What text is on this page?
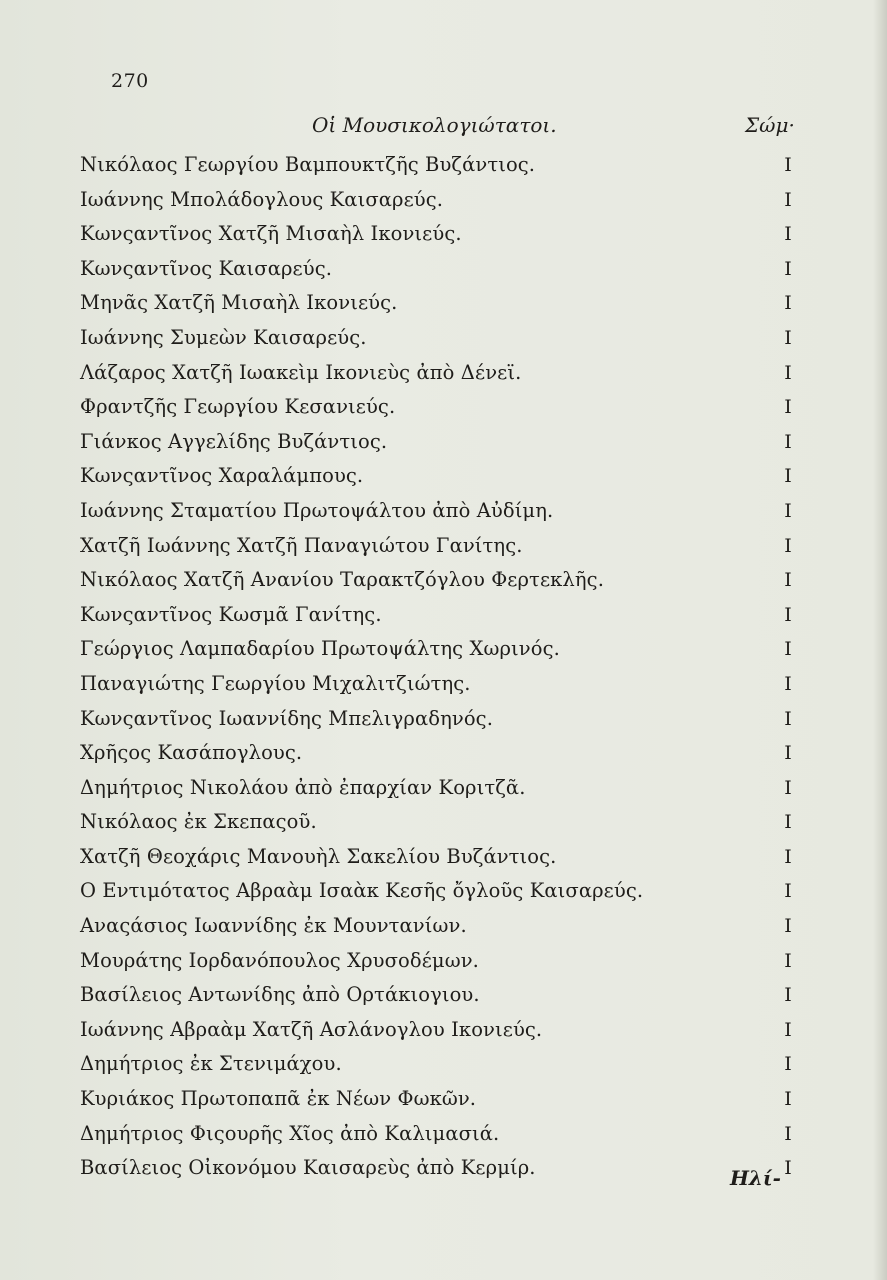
270
Οἱ Μουσικολογιώτατοι.	Σώμ·
Νικόλαος Γεωργίου Βαμπουκτζῆς Βυζάντιος.	I
Ιωάννης Μπολάδογλους Καισαρεύς.	I
Κωνςαντῖνος Χατζῆ Μισαὴλ Ικονιεύς.	I
Κωνςαντῖνος Καισαρεύς.	I
Μηνᾶς Χατζῆ Μισαὴλ Ικονιεύς.	I
Ιωάννης Συμεὼν Καισαρεύς.	I
Λάζαρος Χατζῆ Ιωακεὶμ Ικονιεὺς ἀπὸ Δένεϊ.	I
Φραντζῆς Γεωργίου Κεσανιεύς.	I
Γιάνκος Αγγελίδης Βυζάντιος.	I
Κωνςαντῖνος Χαραλάμπους.	I
Ιωάννης Σταματίου Πρωτοψάλτου ἀπὸ Αὐδίμη.	I
Χατζῆ Ιωάννης Χατζῆ Παναγιώτου Γανίτης.	I
Νικόλαος Χατζῆ Ανανίου Ταρακτζόγλου Φερτεκλῆς.	I
Κωνςαντῖνος Κωσμᾶ Γανίτης.	I
Γεώργιος Λαμπαδαρίου Πρωτοψάλτης Χωρινός.	I
Παναγιώτης Γεωργίου Μιχαλιτζιώτης.	I
Κωνςαντῖνος Ιωαννίδης Μπελιγραδηνός.	I
Χρῆςος Κασάπογλους.	I
Δημήτριος Νικολάου ἀπὸ ἐπαρχίαν Κοριτζᾶ.	I
Νικόλαος ἐκ Σκεπαςοῦ.	I
Χατζῆ Θεοχάρις Μανουὴλ Σακελίου Βυζάντιος.	I
Ο Εντιμότατος Αβραὰμ Ισαὰκ Κεσῆς ὄγλοῦς Καισαρεύς.	I
Αναςάσιος Ιωαννίδης ἐκ Μουντανίων.	I
Μουράτης Ιορδανόπουλος Χρυσοδέμων.	I
Βασίλειος Αντωνίδης ἀπὸ Ορτάκιογιου.	I
Ιωάννης Αβραὰμ Χατζῆ Ασλάνογλου Ικονιεύς.	I
Δημήτριος ἐκ Στενιμάχου.	I
Κυριάκος Πρωτοπαπᾶ ἐκ Νέων Φωκῶν.	I
Δημήτριος Φιςουρῆς Χῖος ἀπὸ Καλιμασιά.	I
Βασίλειος Οἰκονόμου Καισαρεὺς ἀπὸ Κερμίρ.	I
Ηλί-
